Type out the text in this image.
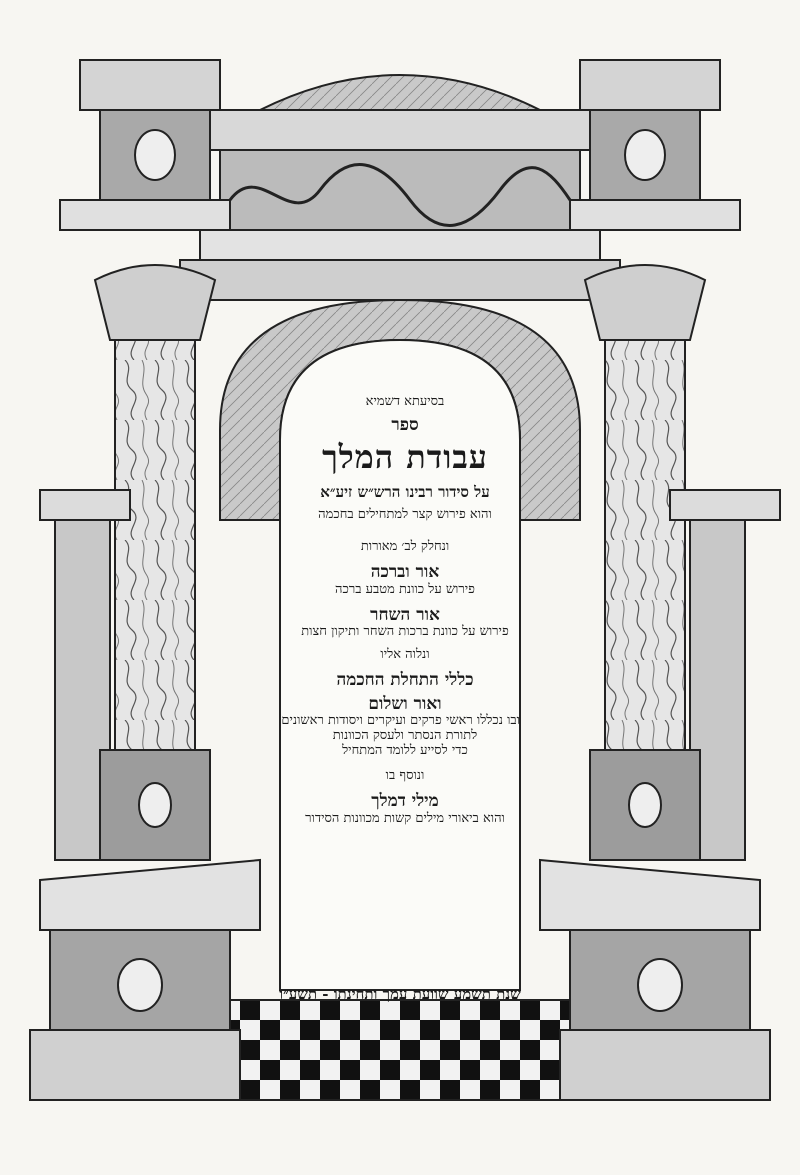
בסיעתא דשמיא
ספר
עבודת המלך
על סידור רבינו הרש״ש זיע״א
והוא פירוש קצר למתחילים בחכמה
ונחלק לב׳ מאורות
אור וברכה
פירוש על כוונת מטבע ברכה
אור השחר
פירוש על כוונת ברכות השחר ותיקון חצות
ונלוה אליו
כללי התחלת החכמה
ואור ושלום
ובו נכללו ראשי פרקים ועיקרים ויסודות ראשונים
לתורת הנסתר ולעסק הכוונות
כדי לסייע ללומד המתחיל
ונוסף בו
מילי דמלך
והוא ביאורי מילים קשות מכוונות הסידור
שנת תשמע שוועת עמך ותחינתו - תשע״ו
